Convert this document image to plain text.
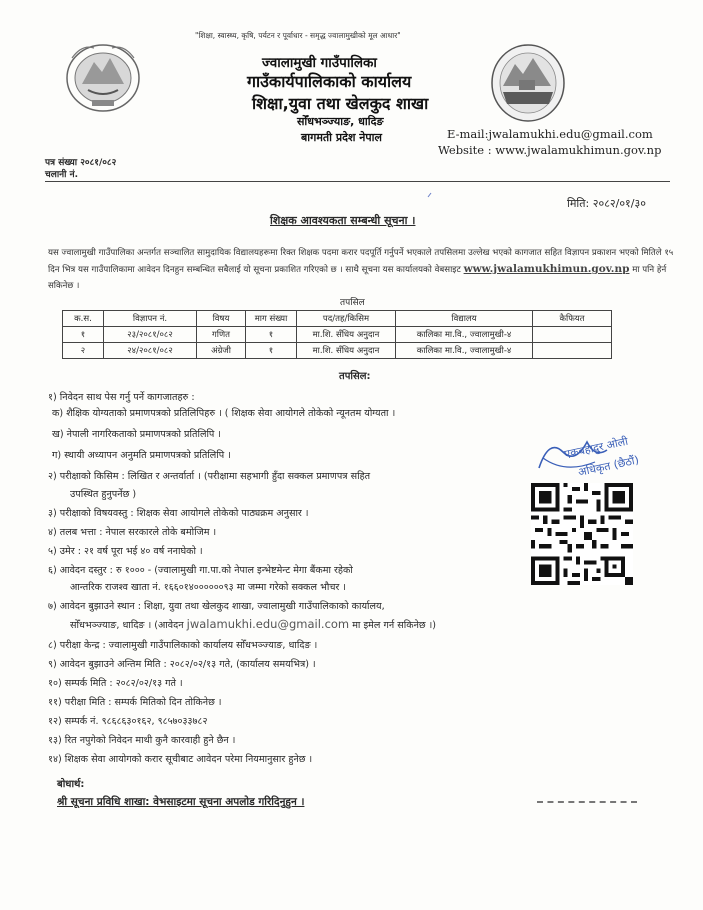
"शिक्षा, स्वास्थ्य, कृषि, पर्यटन र पूर्वाधार - समृद्ध ज्वालामुखीको मूल आधार"
ज्वालामुखी गाउँपालिका
गाउँकार्यपालिकाको कार्यालय
शिक्षा,युवा तथा खेलकुद शाखा
सोँधभञ्ज्याङ, धादिङ
बागमती प्रदेश नेपाल	E-mail:jwalamukhi.edu@gmail.com
Website : www.jwalamukhimun.gov.np
पत्र संख्या २०८१/०८२
चलानी नं.
मिति: २०८२/०१/३०
शिक्षक आवश्यकता सम्बन्धी सूचना ।
यस ज्वालामुखी गाउँपालिका अन्तर्गत सञ्चालित सामुदायिक विद्यालयहरूमा रिक्त शिक्षक पदमा करार पदपूर्ति गर्नुपर्ने भएकाले तपसिलमा उल्लेख भएको कागजात सहित विज्ञापन प्रकाशन भएको मितिले १५ दिन भित्र यस गाउँपालिकामा आवेदन दिनहुन सम्बन्धित सबैलाई यो सूचना प्रकाशित गरिएको छ । साथै सूचना यस कार्यालयको वेबसाइट www.jwalamukhimun.gov.np मा पनि हेर्न सकिनेछ ।
तपसिल
क.स.	विज्ञापन नं.	विषय	माग संख्या	पद/तह/किसिम	विद्यालय	कैफियत
१	२३/२०८१/०८२	गणित	१	मा.शि. सँधिय अनुदान	कालिका मा.वि., ज्वालामुखी-४	
२	२४/२०८१/०८२	अंग्रेजी	१	मा.शि. सँधिय अनुदान	कालिका मा.वि., ज्वालामुखी-४	
तपसिल:
१) निवेदन साथ पेस गर्नु पर्ने कागजातहरु :
क) शैक्षिक योग्यताको प्रमाणपत्रको प्रतिलिपिहरु । ( शिक्षक सेवा आयोगले तोकेको न्यूनतम योग्यता ।
ख) नेपाली नागरिकताको प्रमाणपत्रको प्रतिलिपि ।
ग) स्थायी अध्यापन अनुमति प्रमाणपत्रको प्रतिलिपि ।
२) परीक्षाको किसिम : लिखित र अन्तर्वार्ता । (परीक्षामा सहभागी हुँदा सक्कल प्रमाणपत्र सहित
उपस्थित हुनुपर्नेछ )
३) परीक्षाको विषयवस्तु : शिक्षक सेवा आयोगले तोकेको पाठ्यक्रम अनुसार ।
४) तलब भत्ता : नेपाल सरकारले तोके बमोजिम ।
५) उमेर : २१ वर्ष पूरा भई ४० वर्ष ननाघेको ।
६) आवेदन दस्तुर : रु १००० - (ज्वालामुखी गा.पा.को नेपाल इन्भेष्टमेन्ट मेगा बैंकमा रहेको
आन्तरिक राजश्व खाता नं. १६६०१४००००००९३ मा जम्मा गरेको सक्कल भौचर ।
७) आवेदन बुझाउने स्थान : शिक्षा, युवा तथा खेलकुद शाखा, ज्वालामुखी गाउँपालिकाको कार्यालय,
सोँधभञ्ज्याङ, धादिङ । (आवेदन jwalamukhi.edu@gmail.com मा इमेल गर्न सकिनेछ ।)
८) परीक्षा केन्द्र : ज्वालामुखी गाउँपालिकाको कार्यालय सोँधभञ्ज्याङ, धादिङ ।
९) आवेदन बुझाउने अन्तिम मिति : २०८२/०२/१३ गते, (कार्यालय समयभित्र) ।
१०) सम्पर्क मिति : २०८२/०२/१३ गते ।
११) परीक्षा मिति : सम्पर्क मितिको दिन तोकिनेछ ।
१२) सम्पर्क नं. ९८६८६३०१६२, ९८५७०३३७८२
१३) रित नपुगेको निवेदन माथी कुनै कारवाही हुने छैन ।
१४) शिक्षक सेवा आयोगको करार सूचीबाट आवेदन परेमा नियमानुसार हुनेछ ।
बोधार्थ:
श्री सूचना प्रविधि शाखा: वेभसाइटमा सूचना अपलोड गरिदिनुहुन ।
एकबहादुर ओली
अधिकृत (छैठौं)
